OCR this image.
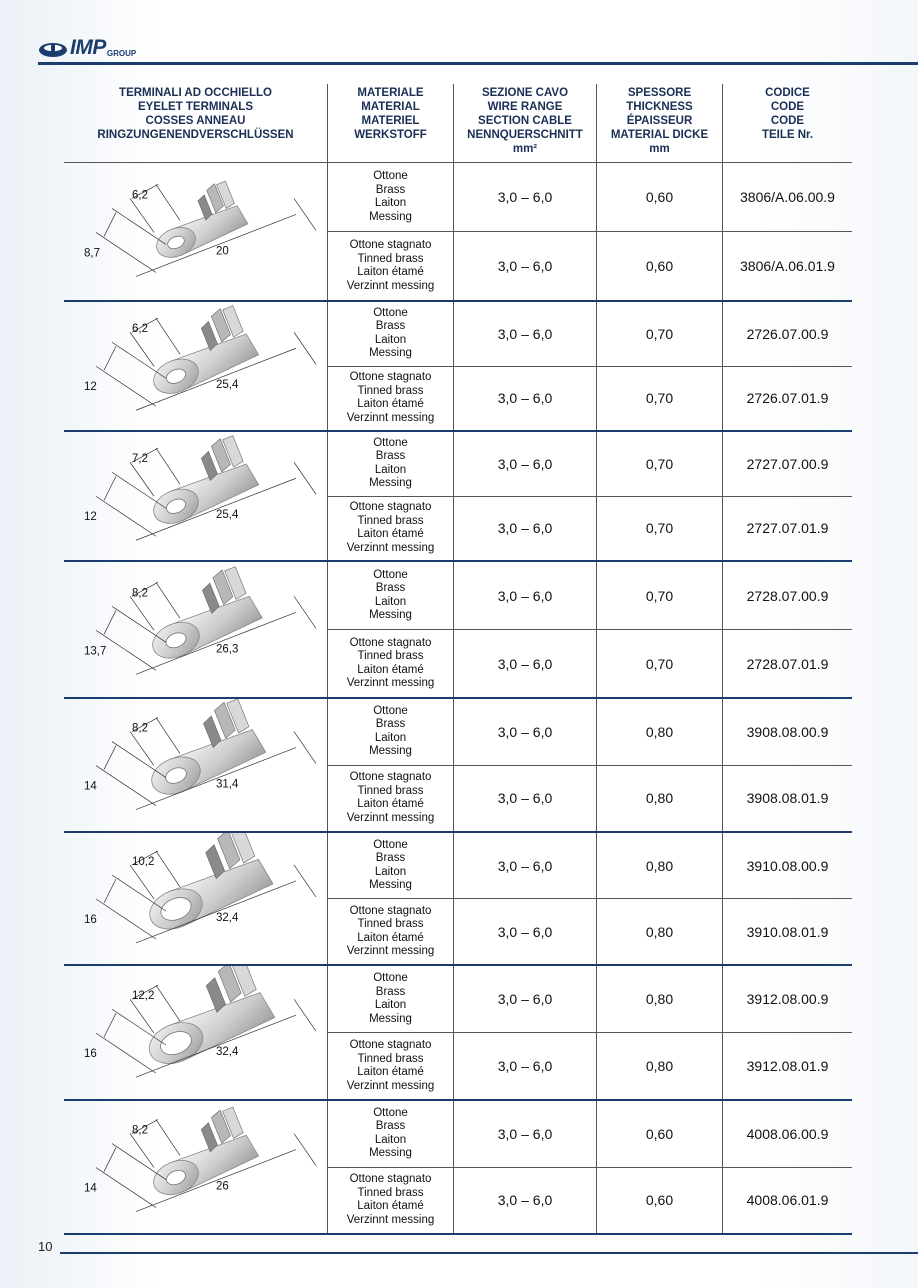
IMP GROUP
TERMINALI AD OCCHIELLO
EYELET TERMINALS
COSSES ANNEAU
RINGZUNGENENDVERSCHLÜSSEN
MATERIALE
MATERIAL
MATERIEL
WERKSTOFF
SEZIONE CAVO
WIRE RANGE
SECTION CABLE
NENNQUERSCHNITT
mm²
SPESSORE
THICKNESS
ÉPAISSEUR
MATERIAL DICKE
mm
CODICE
CODE
CODE
TEILE Nr.
6,2
8,7	20
Ottone
Brass
Laiton
Messing
3,0 – 6,0	0,60	3806/A.06.00.9
Ottone stagnato
Tinned brass
Laiton étamé
Verzinnt messing
3,0 – 6,0	0,60	3806/A.06.01.9
6,2
12	25,4
Ottone
Brass
Laiton
Messing
3,0 – 6,0	0,70	2726.07.00.9
Ottone stagnato
Tinned brass
Laiton étamé
Verzinnt messing
3,0 – 6,0	0,70	2726.07.01.9
7,2
12	25,4
Ottone
Brass
Laiton
Messing
3,0 – 6,0	0,70	2727.07.00.9
Ottone stagnato
Tinned brass
Laiton étamé
Verzinnt messing
3,0 – 6,0	0,70	2727.07.01.9
8,2
13,7	26,3
Ottone
Brass
Laiton
Messing
3,0 – 6,0	0,70	2728.07.00.9
Ottone stagnato
Tinned brass
Laiton étamé
Verzinnt messing
3,0 – 6,0	0,70	2728.07.01.9
8,2
14	31,4
Ottone
Brass
Laiton
Messing
3,0 – 6,0	0,80	3908.08.00.9
Ottone stagnato
Tinned brass
Laiton étamé
Verzinnt messing
3,0 – 6,0	0,80	3908.08.01.9
10,2
16	32,4
Ottone
Brass
Laiton
Messing
3,0 – 6,0	0,80	3910.08.00.9
Ottone stagnato
Tinned brass
Laiton étamé
Verzinnt messing
3,0 – 6,0	0,80	3910.08.01.9
12,2
16	32,4
Ottone
Brass
Laiton
Messing
3,0 – 6,0	0,80	3912.08.00.9
Ottone stagnato
Tinned brass
Laiton étamé
Verzinnt messing
3,0 – 6,0	0,80	3912.08.01.9
8,2
14	26
Ottone
Brass
Laiton
Messing
3,0 – 6,0	0,60	4008.06.00.9
Ottone stagnato
Tinned brass
Laiton étamé
Verzinnt messing
3,0 – 6,0	0,60	4008.06.01.9
10
